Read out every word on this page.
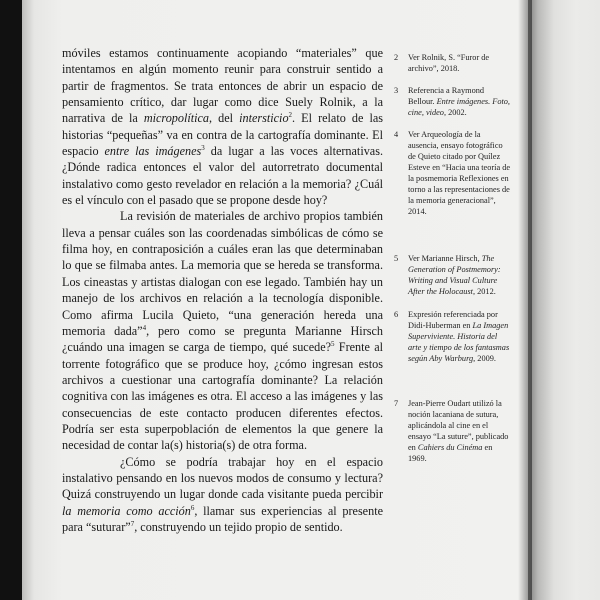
móviles estamos continuamente acopiando “materiales” que intentamos en algún momento reunir para construir sentido a partir de fragmentos. Se trata entonces de abrir un espacio de pensamiento crítico, dar lugar como dice Suely Rolnik, a la narrativa de la micropolítica, del intersticio$^2$. El relato de las historias “pequeñas” va en contra de la cartografía dominante. El espacio entre las imágenes$^3$ da lugar a las voces alternativas. ¿Dónde radica entonces el valor del autorretrato documental instalativo como gesto revelador en relación a la memoria? ¿Cuál es el vínculo con el pasado que se propone desde hoy?

La revisión de materiales de archivo propios también lleva a pensar cuáles son las coordenadas simbólicas de cómo se filma hoy, en contraposición a cuáles eran las que determinaban lo que se filmaba antes. La memoria que se hereda se transforma. Los cineastas y artistas dialogan con ese legado. También hay un manejo de los archivos en relación a la tecnología disponible. Como afirma Lucila Quieto, “una generación hereda una memoria dada”$^4$, pero como se pregunta Marianne Hirsch ¿cuándo una imagen se carga de tiempo, qué sucede?$^5$ Frente al torrente fotográfico que se produce hoy, ¿cómo ingresan estos archivos a cuestionar una cartografía dominante? La relación cognitiva con las imágenes es otra. El acceso a las imágenes y las consecuencias de este contacto producen diferentes efectos. Podría ser esta superpoblación de elementos la que genere la necesidad de contar la(s) historia(s) de otra forma.

¿Cómo se podría trabajar hoy en el espacio instalativo pensando en los nuevos modos de consumo y lectura? Quizá construyendo un lugar donde cada visitante pueda percibir la memoria como acción$^6$, llamar sus experiencias al presente para “suturar”$^7$, construyendo un tejido propio de sentido.

2	Ver Rolnik, S. “Furor de archivo”, 2018.
3	Referencia a Raymond Bellour. Entre imágenes. Foto, cine, video, 2002.
4	Ver Arqueología de la ausencia, ensayo fotográfico de Quieto citado por Quílez Esteve en “Hacia una teoría de la posmemoria Reflexiones en torno a las representaciones de la memoria generacional”, 2014.
5	Ver Marianne Hirsch, The Generation of Postmemory: Writing and Visual Culture After the Holocaust, 2012.
6	Expresión referenciada por Didi-Huberman en La Imagen Superviviente. Historia del arte y tiempo de los fantasmas según Aby Warburg, 2009.
7	Jean-Pierre Oudart utilizó la noción lacaniana de sutura, aplicándola al cine en el ensayo “La suture”, publicado en Cahiers du Cinéma en 1969.
